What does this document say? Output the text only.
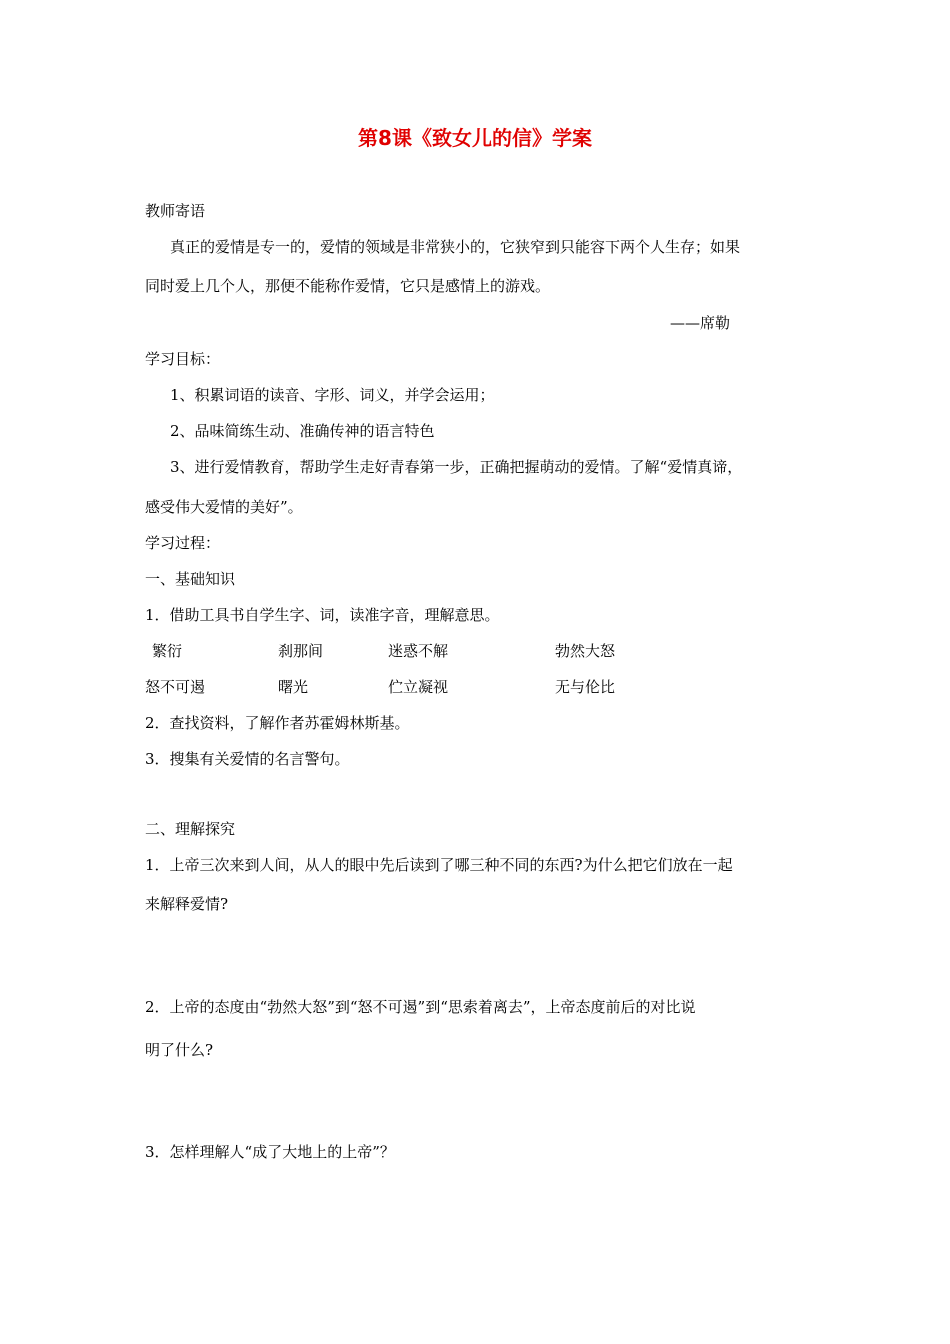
第8课《致女儿的信》学案
教师寄语
真正的爱情是专一的，爱情的领域是非常狭小的，它狭窄到只能容下两个人生存；如果
同时爱上几个人，那便不能称作爱情，它只是感情上的游戏。
——席勒
学习目标：
1、积累词语的读音、字形、词义，并学会运用；
2、品味简练生动、准确传神的语言特色
3、进行爱情教育，帮助学生走好青春第一步，正确把握萌动的爱情。了解“爱情真谛，
感受伟大爱情的美好”。
学习过程：
一、基础知识
1．借助工具书自学生字、词，读准字音，理解意思。
繁衍	刹那间	迷惑不解	勃然大怒
怒不可遏	曙光	伫立凝视	无与伦比
2．查找资料，了解作者苏霍姆林斯基。
3．搜集有关爱情的名言警句。
二、理解探究
1．上帝三次来到人间，从人的眼中先后读到了哪三种不同的东西?为什么把它们放在一起
来解释爱情?
2．上帝的态度由“勃然大怒”到“怒不可遏”到“思索着离去”，上帝态度前后的对比说
明了什么?
3．怎样理解人“成了大地上的上帝”？
